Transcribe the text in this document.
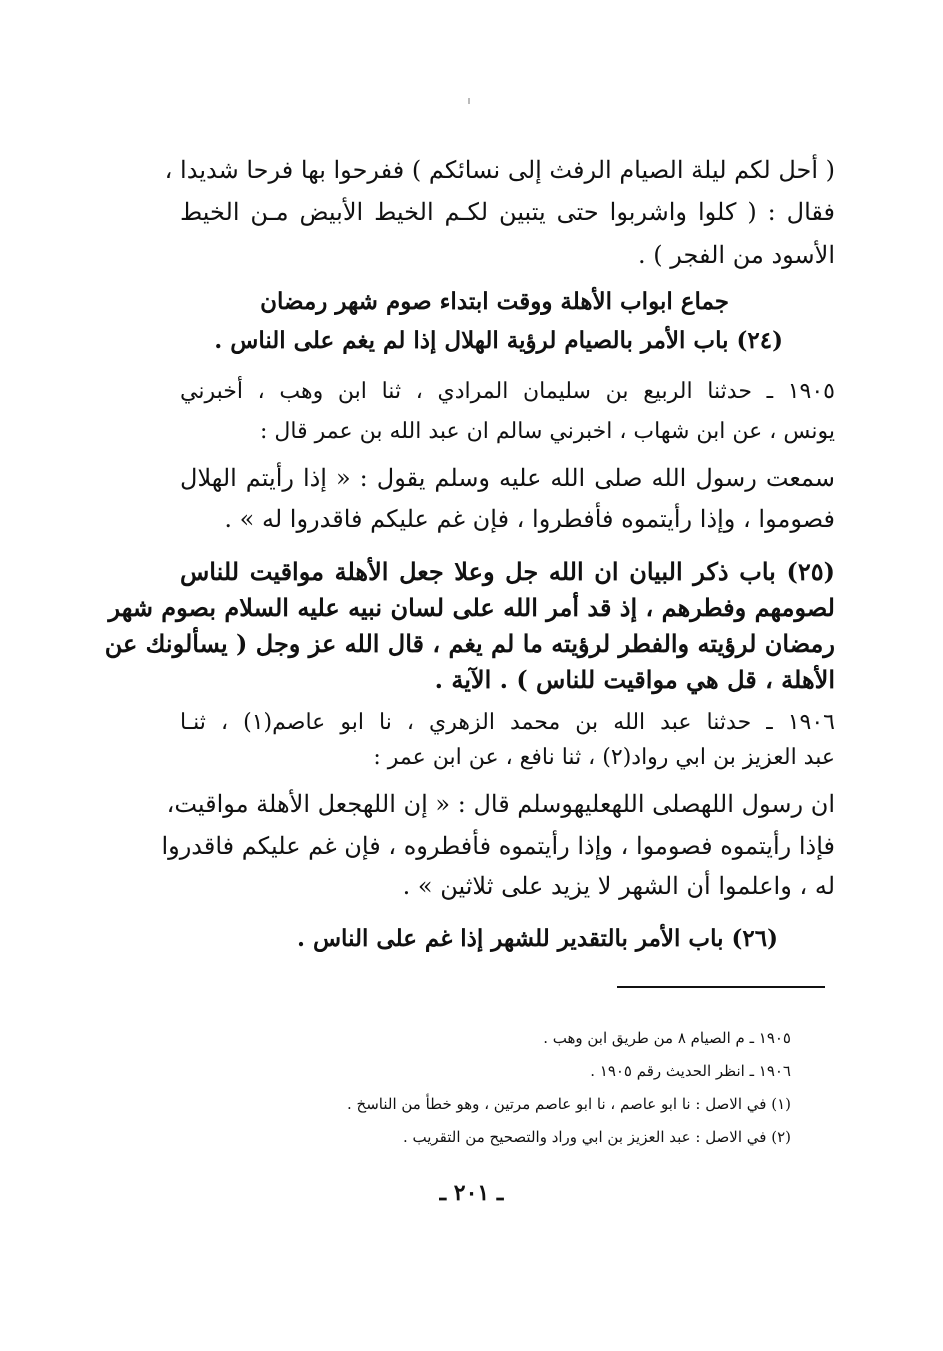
( أحل لكم ليلة الصيام الرفث إلى نسائكم ) ففرحوا بها فرحا شديدا ،
فقال : ( كلوا واشربوا حتى يتبين لكـم الخيط الأبيض مـن الخيط
الأسود من الفجر ) .
جماع ابواب الأهلة ووقت ابتداء صوم شهر رمضان
(٢٤) باب الأمر بالصيام لرؤية الهلال إذا لم يغم على الناس .
١٩٠٥ ـ حدثنا الربيع بن سليمان المرادي ، ثنا ابن وهب ، أخبرني
يونس ، عن ابن شهاب ، اخبرني سالم ان عبد الله بن عمر قال :
سمعت رسول الله صلى الله عليه وسلم يقول : « إذا رأيتم الهلال
فصوموا ، وإذا رأيتموه فأفطروا ، فإن غم عليكم فاقدروا له » .
(٢٥) باب ذكر البيان ان الله جل وعلا جعل الأهلة مواقيت للناس
لصومهم وفطرهم ، إذ قد أمر الله على لسان نبيه عليه السلام بصوم شهر
رمضان لرؤيته والفطر لرؤيته ما لم يغم ، قال الله عز وجل ( يسألونك عن
الأهلة ، قل هي مواقيت للناس ) . الآية .
١٩٠٦ ـ حدثنا عبد الله بن محمد الزهري ، نا ابو عاصم(١) ، ثنـا
عبد العزيز بن ابي رواد(٢) ، ثنا نافع ، عن ابن عمر :
ان رسول اللهصلى اللهعليهوسلم قال : « إن اللهجعل الأهلة مواقيت،
فإذا رأيتموه فصوموا ، وإذا رأيتموه فأفطروه ، فإن غم عليكم فاقدروا
له ، واعلموا أن الشهر لا يزيد على ثلاثين » .
(٢٦) باب الأمر بالتقدير للشهر إذا غم على الناس .
١٩٠٥ ـ م الصيام ٨ من طريق ابن وهب .
١٩٠٦ ـ انظر الحديث رقم ١٩٠٥ .
(١) في الاصل : نا ابو عاصم ، نا ابو عاصم مرتين ، وهو خطأ من الناسخ .
(٢) في الاصل : عبد العزيز بن ابي وراد والتصحيح من التقريب .
ـ ٢٠١ ـ
